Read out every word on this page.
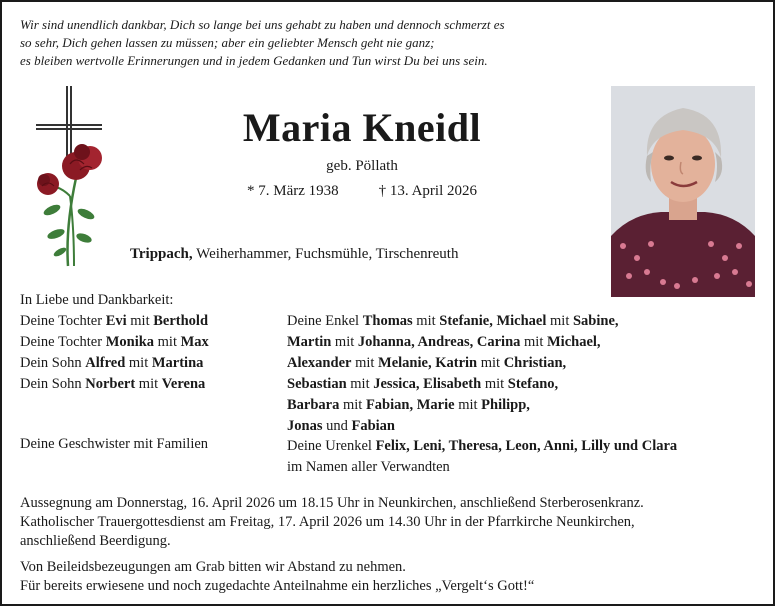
Wir sind unendlich dankbar, Dich so lange bei uns gehabt zu haben und dennoch schmerzt es
so sehr, Dich gehen lassen zu müssen; aber ein geliebter Mensch geht nie ganz;
es bleiben wertvolle Erinnerungen und in jedem Gedanken und Tun wirst Du bei uns sein.
Maria Kneidl
geb. Pöllath
* 7. März 1938	† 13. April 2026
Trippach, Weiherhammer, Fuchsmühle, Tirschenreuth
In Liebe und Dankbarkeit:
Deine Tochter Evi mit Berthold
Deine Tochter Monika mit Max
Dein Sohn Alfred mit Martina
Dein Sohn Norbert mit Verena
Deine Enkel Thomas mit Stefanie, Michael mit Sabine,
Martin mit Johanna, Andreas, Carina mit Michael,
Alexander mit Melanie, Katrin mit Christian,
Sebastian mit Jessica, Elisabeth mit Stefano,
Barbara mit Fabian, Marie mit Philipp,
Jonas und Fabian
Deine Geschwister mit Familien	Deine Urenkel Felix, Leni, Theresa, Leon, Anni, Lilly und Clara
im Namen aller Verwandten
Aussegnung am Donnerstag, 16. April 2026 um 18.15 Uhr in Neunkirchen, anschließend Sterberosenkranz.
Katholischer Trauergottesdienst am Freitag, 17. April 2026 um 14.30 Uhr in der Pfarrkirche Neunkirchen,
anschließend Beerdigung.
Von Beileidsbezeugungen am Grab bitten wir Abstand zu nehmen.
Für bereits erwiesene und noch zugedachte Anteilnahme ein herzliches „Vergelt‘s Gott!“
